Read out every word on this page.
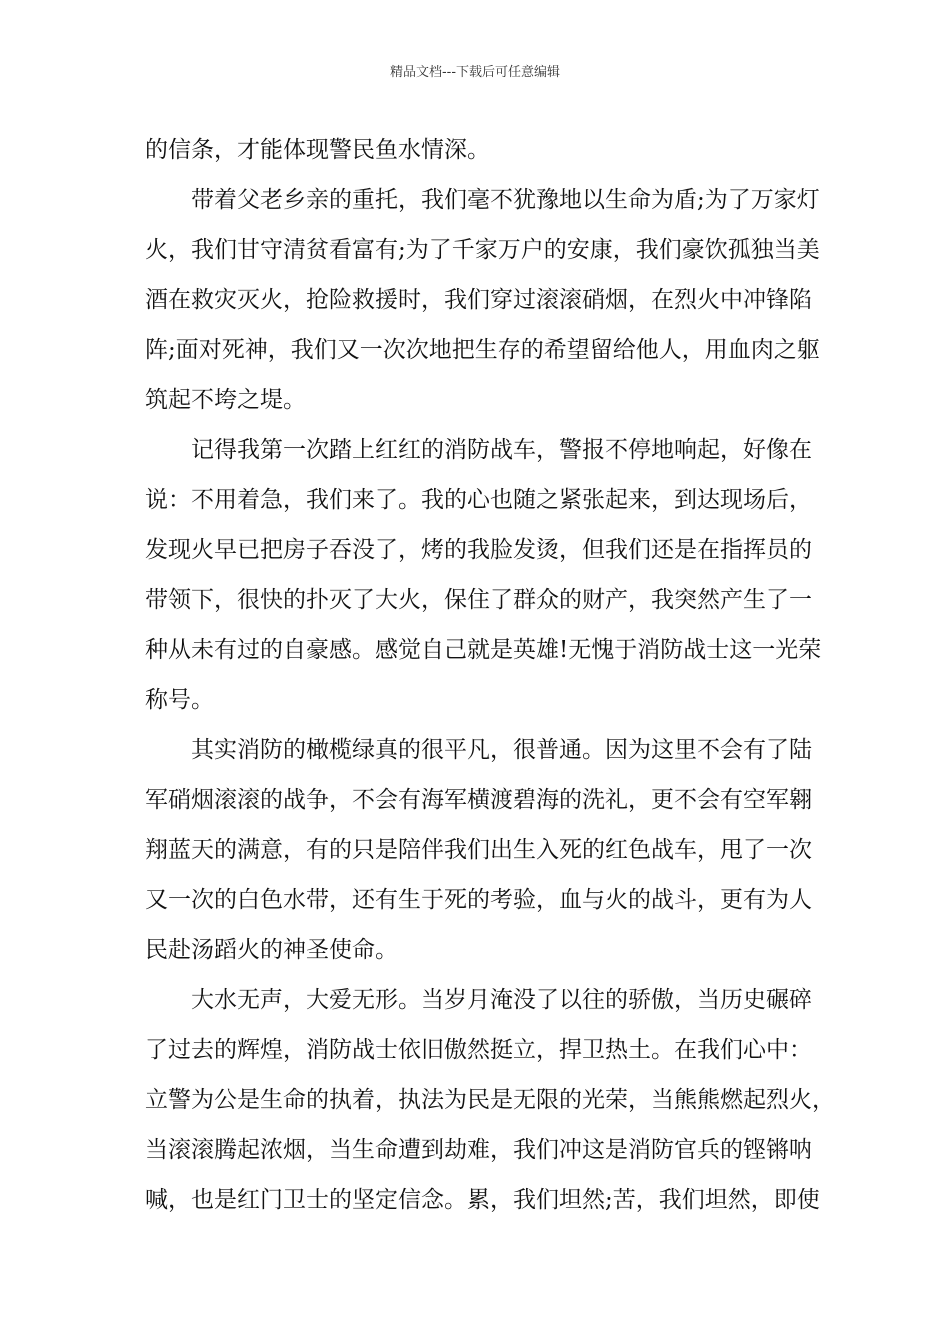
精品文档---下载后可任意编辑
的信条，才能体现警民鱼水情深。
带着父老乡亲的重托，我们毫不犹豫地以生命为盾;为了万家灯
火，我们甘守清贫看富有;为了千家万户的安康，我们豪饮孤独当美
酒在救灾灭火，抢险救援时，我们穿过滚滚硝烟，在烈火中冲锋陷
阵;面对死神，我们又一次次地把生存的希望留给他人，用血肉之躯
筑起不垮之堤。
记得我第一次踏上红红的消防战车，警报不停地响起，好像在
说：不用着急，我们来了。我的心也随之紧张起来，到达现场后，
发现火早已把房子吞没了，烤的我脸发烫，但我们还是在指挥员的
带领下，很快的扑灭了大火，保住了群众的财产，我突然产生了一
种从未有过的自豪感。感觉自己就是英雄!无愧于消防战士这一光荣
称号。
其实消防的橄榄绿真的很平凡，很普通。因为这里不会有了陆
军硝烟滚滚的战争，不会有海军横渡碧海的洗礼，更不会有空军翱
翔蓝天的满意，有的只是陪伴我们出生入死的红色战车，甩了一次
又一次的白色水带，还有生于死的考验，血与火的战斗，更有为人
民赴汤蹈火的神圣使命。
大水无声，大爱无形。当岁月淹没了以往的骄傲，当历史碾碎
了过去的辉煌，消防战士依旧傲然挺立，捍卫热土。在我们心中：
立警为公是生命的执着，执法为民是无限的光荣，当熊熊燃起烈火，
当滚滚腾起浓烟，当生命遭到劫难，我们冲这是消防官兵的铿锵呐
喊，也是红门卫士的坚定信念。累，我们坦然;苦，我们坦然，即使
